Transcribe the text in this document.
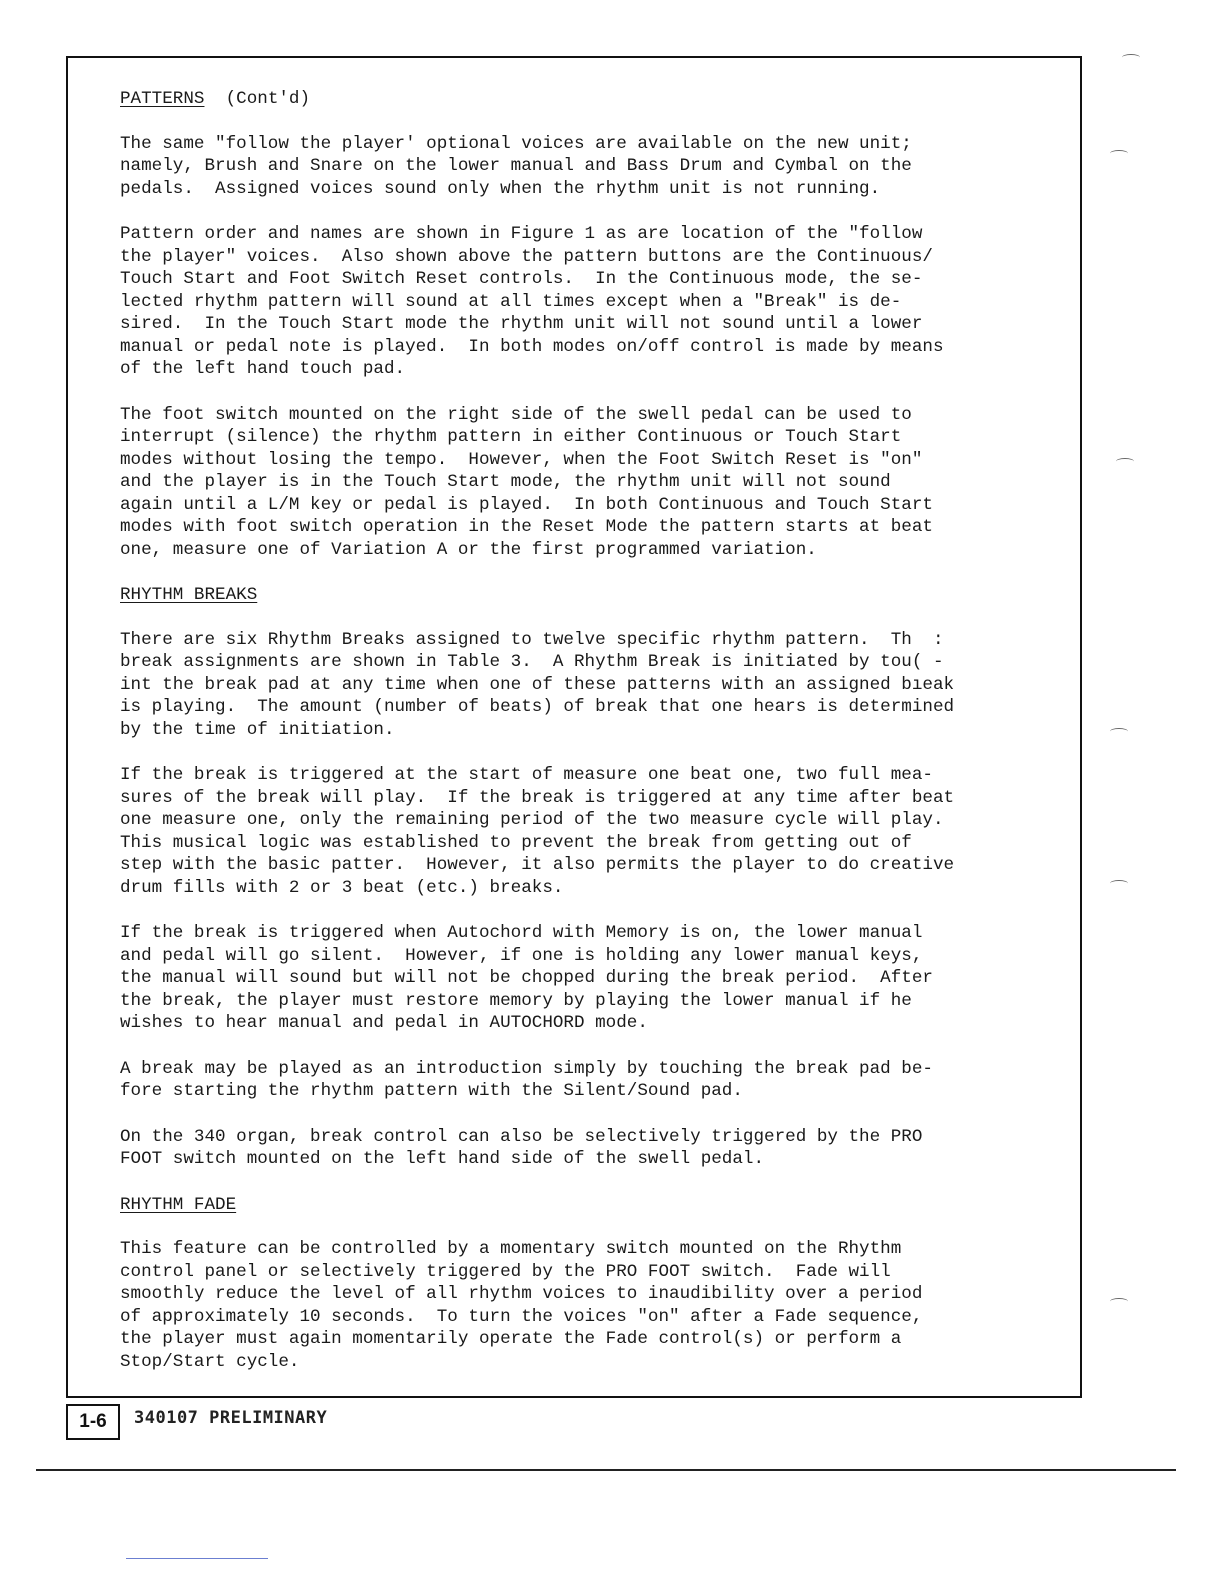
PATTERNS  (Cont'd)

The same "follow the player' optional voices are available on the new unit;
namely, Brush and Snare on the lower manual and Bass Drum and Cymbal on the
pedals.  Assigned voices sound only when the rhythm unit is not running.

Pattern order and names are shown in Figure 1 as are location of the "follow
the player" voices.  Also shown above the pattern buttons are the Continuous/
Touch Start and Foot Switch Reset controls.  In the Continuous mode, the se-
lected rhythm pattern will sound at all times except when a "Break" is de-
sired.  In the Touch Start mode the rhythm unit will not sound until a lower
manual or pedal note is played.  In both modes on/off control is made by means
of the left hand touch pad.

The foot switch mounted on the right side of the swell pedal can be used to
interrupt (silence) the rhythm pattern in either Continuous or Touch Start
modes without losing the tempo.  However, when the Foot Switch Reset is "on"
and the player is in the Touch Start mode, the rhythm unit will not sound
again until a L/M key or pedal is played.  In both Continuous and Touch Start
modes with foot switch operation in the Reset Mode the pattern starts at beat
one, measure one of Variation A or the first programmed variation.

RHYTHM BREAKS

There are six Rhythm Breaks assigned to twelve specific rhythm pattern.  Th  :
break assignments are shown in Table 3.  A Rhythm Break is initiated by tou( -
int the break pad at any time when one of these patterns with an assigned bıeak
is playing.  The amount (number of beats) of break that one hears is determined
by the time of initiation.

If the break is triggered at the start of measure one beat one, two full mea-
sures of the break will play.  If the break is triggered at any time after beat
one measure one, only the remaining period of the two measure cycle will play.
This musical logic was established to prevent the break from getting out of
step with the basic patter.  However, it also permits the player to do creative
drum fills with 2 or 3 beat (etc.) breaks.

If the break is triggered when Autochord with Memory is on, the lower manual
and pedal will go silent.  However, if one is holding any lower manual keys,
the manual will sound but will not be chopped during the break period.  After
the break, the player must restore memory by playing the lower manual if he
wishes to hear manual and pedal in AUTOCHORD mode.

A break may be played as an introduction simply by touching the break pad be-
fore starting the rhythm pattern with the Silent/Sound pad.

On the 340 organ, break control can also be selectively triggered by the PRO
FOOT switch mounted on the left hand side of the swell pedal.

RHYTHM FADE

This feature can be controlled by a momentary switch mounted on the Rhythm
control panel or selectively triggered by the PRO FOOT switch.  Fade will
smoothly reduce the level of all rhythm voices to inaudibility over a period
of approximately 10 seconds.  To turn the voices "on" after a Fade sequence,
the player must again momentarily operate the Fade control(s) or perform a
Stop/Start cycle.

1-6 340107 PRELIMINARY
